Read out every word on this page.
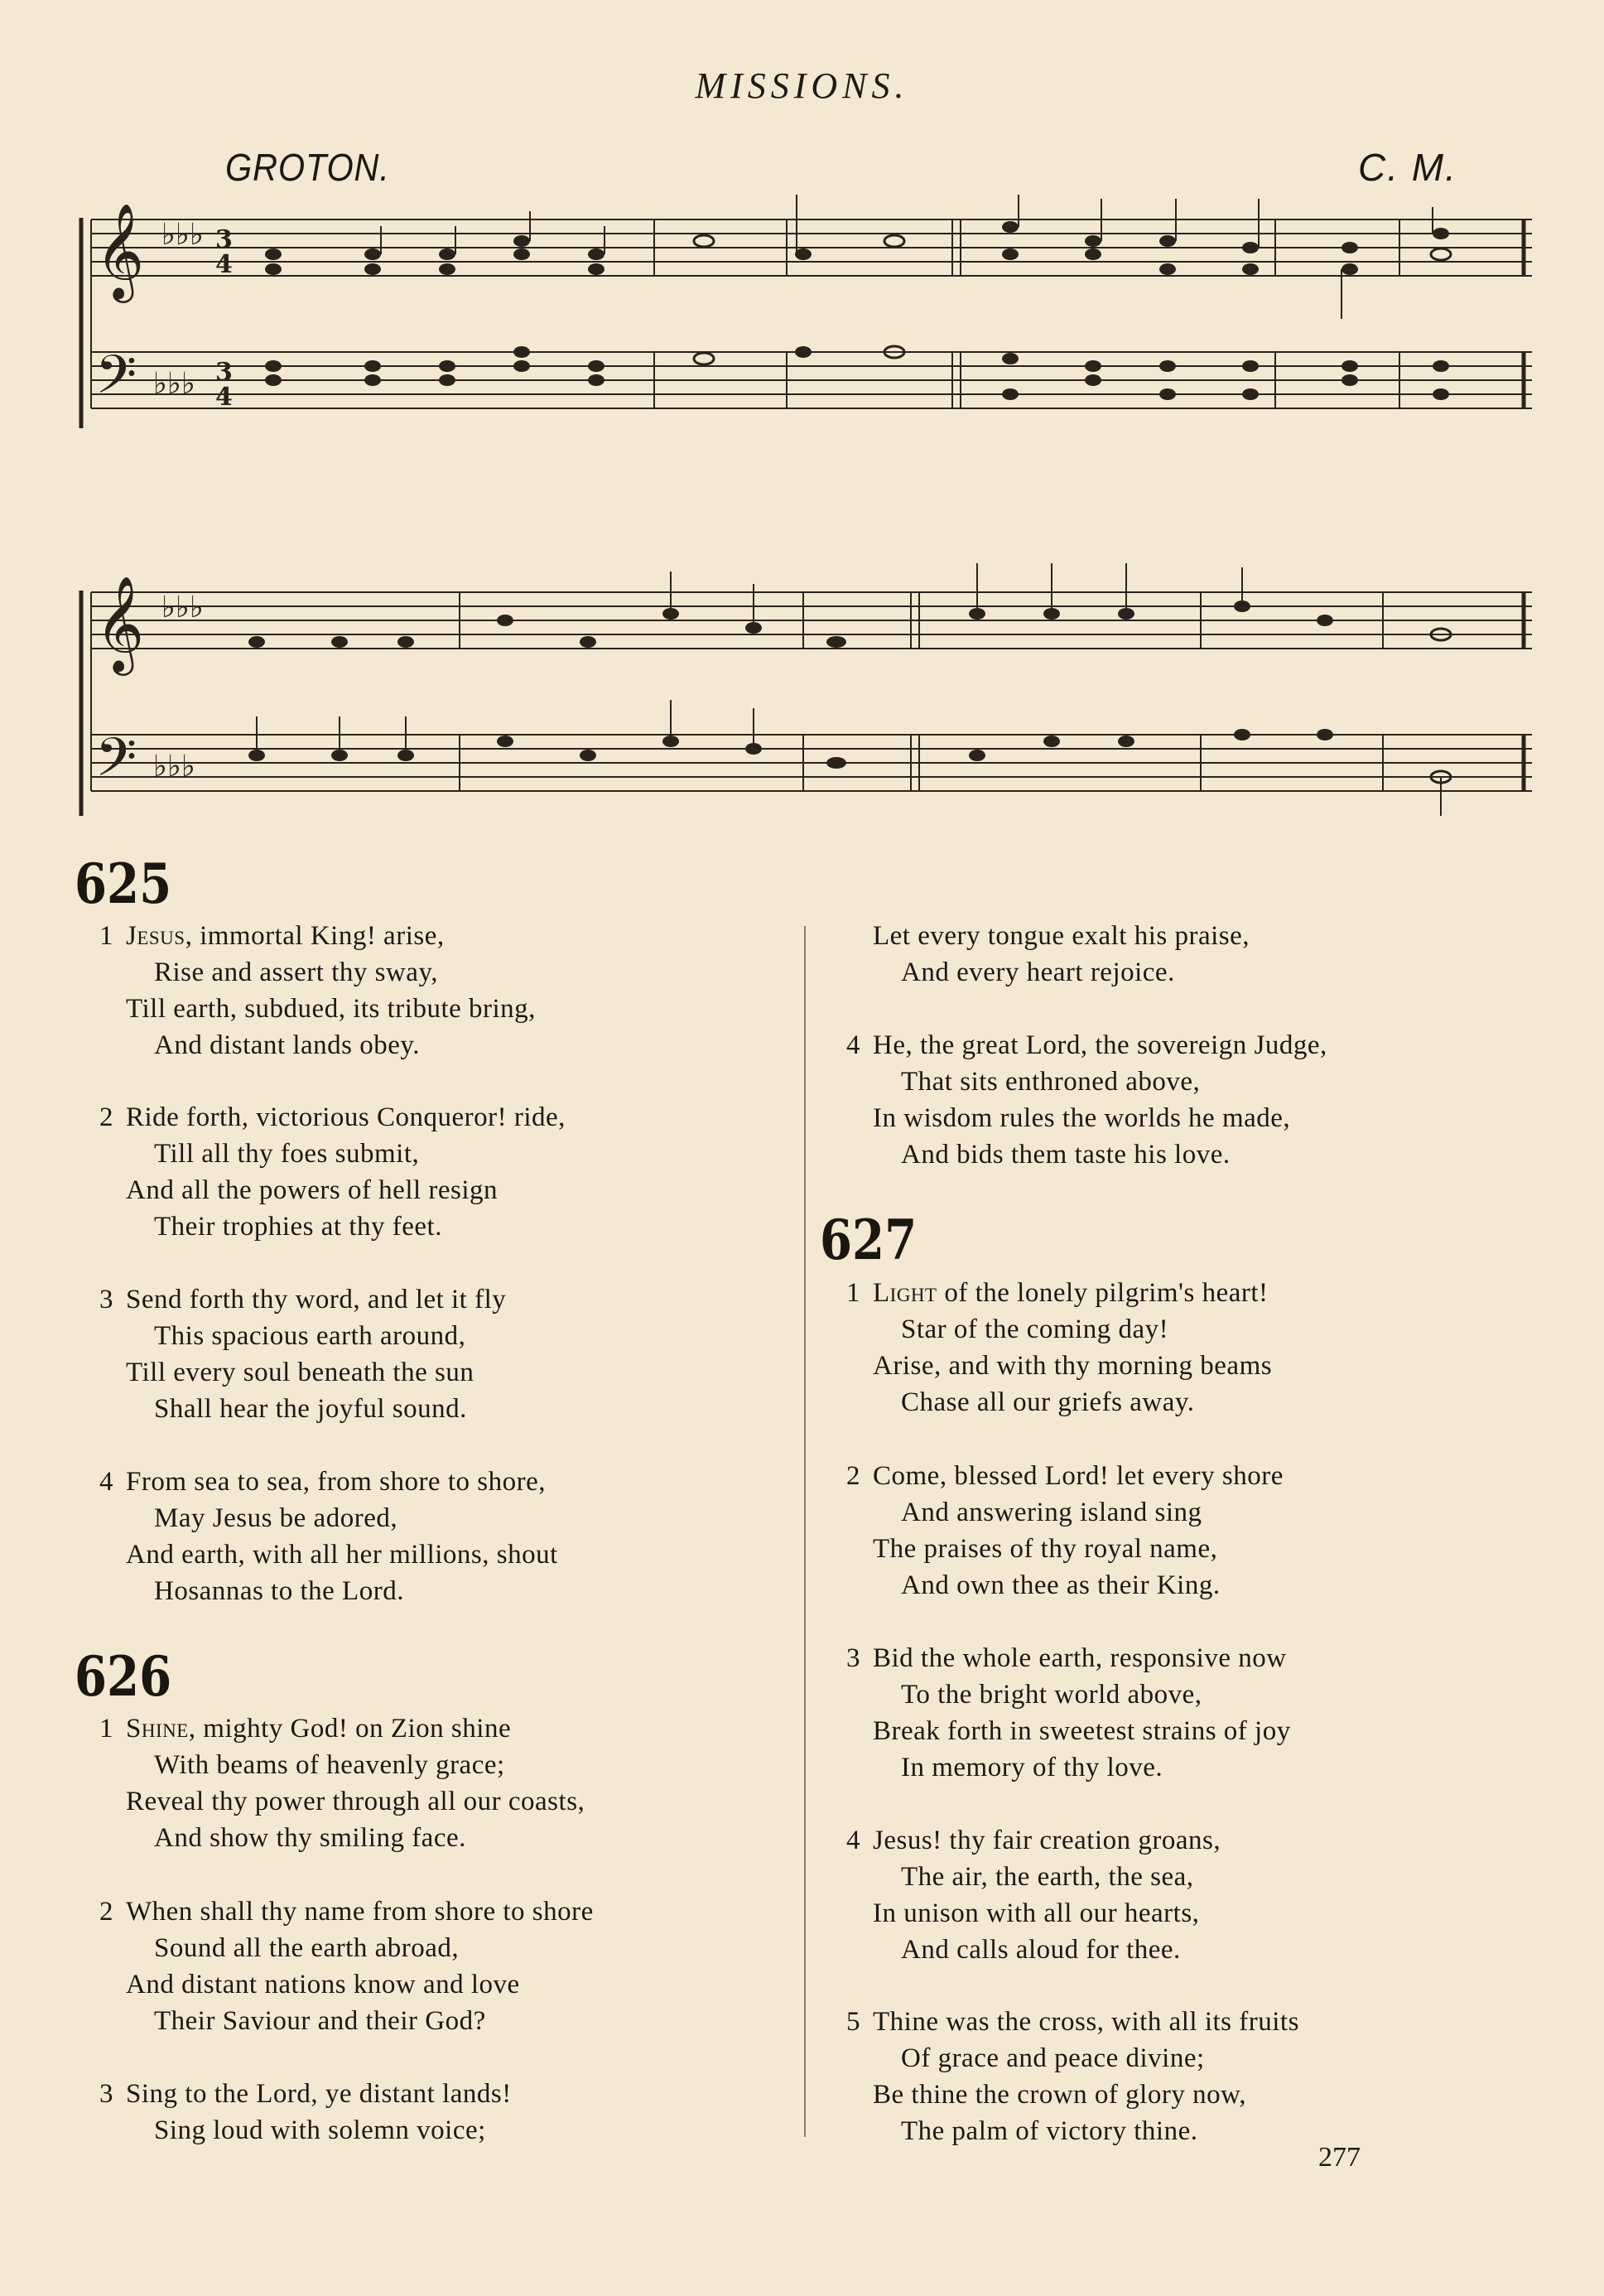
MISSIONS.
GROTON.	C. M.
𝄞
𝄢
3
4
3
4
♭♭♭
♭♭♭
𝄞
𝄢
♭♭♭
♭♭♭
625
1 Jesus, immortal King! arise,
Rise and assert thy sway,
Till earth, subdued, its tribute bring,
And distant lands obey.
2 Ride forth, victorious Conqueror! ride,
Till all thy foes submit,
And all the powers of hell resign
Their trophies at thy feet.
3 Send forth thy word, and let it fly
This spacious earth around,
Till every soul beneath the sun
Shall hear the joyful sound.
4 From sea to sea, from shore to shore,
May Jesus be adored,
And earth, with all her millions, shout
Hosannas to the Lord.
626
1 Shine, mighty God! on Zion shine
With beams of heavenly grace;
Reveal thy power through all our coasts,
And show thy smiling face.
2 When shall thy name from shore to shore
Sound all the earth abroad,
And distant nations know and love
Their Saviour and their God?
3 Sing to the Lord, ye distant lands!
Sing loud with solemn voice;
Let every tongue exalt his praise,
And every heart rejoice.
4 He, the great Lord, the sovereign Judge,
That sits enthroned above,
In wisdom rules the worlds he made,
And bids them taste his love.
627
1 Light of the lonely pilgrim's heart!
Star of the coming day!
Arise, and with thy morning beams
Chase all our griefs away.
2 Come, blessed Lord! let every shore
And answering island sing
The praises of thy royal name,
And own thee as their King.
3 Bid the whole earth, responsive now
To the bright world above,
Break forth in sweetest strains of joy
In memory of thy love.
4 Jesus! thy fair creation groans,
The air, the earth, the sea,
In unison with all our hearts,
And calls aloud for thee.
5 Thine was the cross, with all its fruits
Of grace and peace divine;
Be thine the crown of glory now,
The palm of victory thine.
277
